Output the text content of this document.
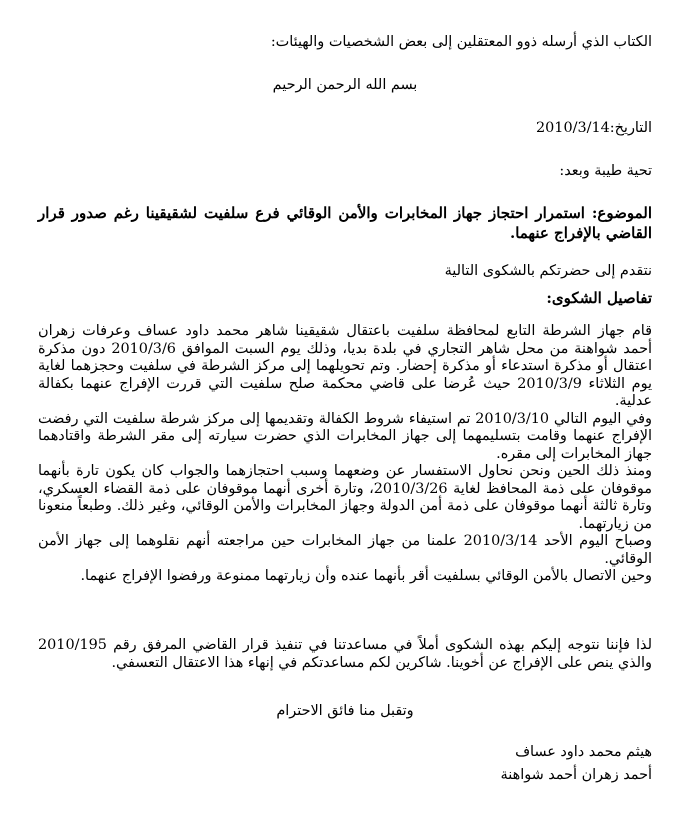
الكتاب الذي أرسله ذوو المعتقلين إلى بعض الشخصيات والهيئات:

بسم الله الرحمن الرحيم

التاريخ:2010/3/14

تحية طيبة وبعد:

الموضوع: استمرار احتجاز جهاز المخابرات والأمن الوقائي فرع سلفيت لشقيقينا رغم صدور قرار القاضي بالإفراج عنهما.

نتقدم إلى حضرتكم بالشكوى التالية

تفاصيل الشكوى:

قام جهاز الشرطة التابع لمحافظة سلفيت باعتقال شقيقينا شاهر محمد داود عساف وعرفات زهران أحمد شواهنة من محل شاهر التجاري في بلدة بديا، وذلك يوم السبت الموافق 2010/3/6 دون مذكرة اعتقال أو مذكرة استدعاء أو مذكرة إحضار. وتم تحويلهما إلى مركز الشرطة في سلفيت وحجزهما لغاية يوم الثلاثاء 2010/3/9 حيث عُرضا على قاضي محكمة صلح سلفيت التي قررت الإفراج عنهما بكفالة عدلية.

وفي اليوم التالي 2010/3/10 تم استيفاء شروط الكفالة وتقديمها إلى مركز شرطة سلفيت التي رفضت الإفراج عنهما وقامت بتسليمهما إلى جهاز المخابرات الذي حضرت سيارته إلى مقر الشرطة واقتادهما جهاز المخابرات إلى مقره.

ومنذ ذلك الحين ونحن نحاول الاستفسار عن وضعهما وسبب احتجازهما والجواب كان يكون تارة بأنهما موقوفان على ذمة المحافظ لغاية 2010/3/26، وتارة أخرى أنهما موقوفان على ذمة القضاء العسكري، وتارة ثالثة أنهما موقوفان على ذمة أمن الدولة وجهاز المخابرات والأمن الوقائي، وغير ذلك. وطبعاً منعونا من زيارتهما.

وصباح اليوم الأحد 2010/3/14 علمنا من جهاز المخابرات حين مراجعته أنهم نقلوهما إلى جهاز الأمن الوقائي.

وحين الاتصال بالأمن الوقائي بسلفيت أقر بأنهما عنده وأن زيارتهما ممنوعة ورفضوا الإفراج عنهما.

لذا فإننا نتوجه إليكم بهذه الشكوى أملاً في مساعدتنا في تنفيذ قرار القاضي المرفق رقم 2010/195 والذي ينص على الإفراج عن أخوينا. شاكرين لكم مساعدتكم في إنهاء هذا الاعتقال التعسفي.

وتقبل منا فائق الاحترام

هيثم محمد داود عساف

أحمد زهران أحمد شواهنة
